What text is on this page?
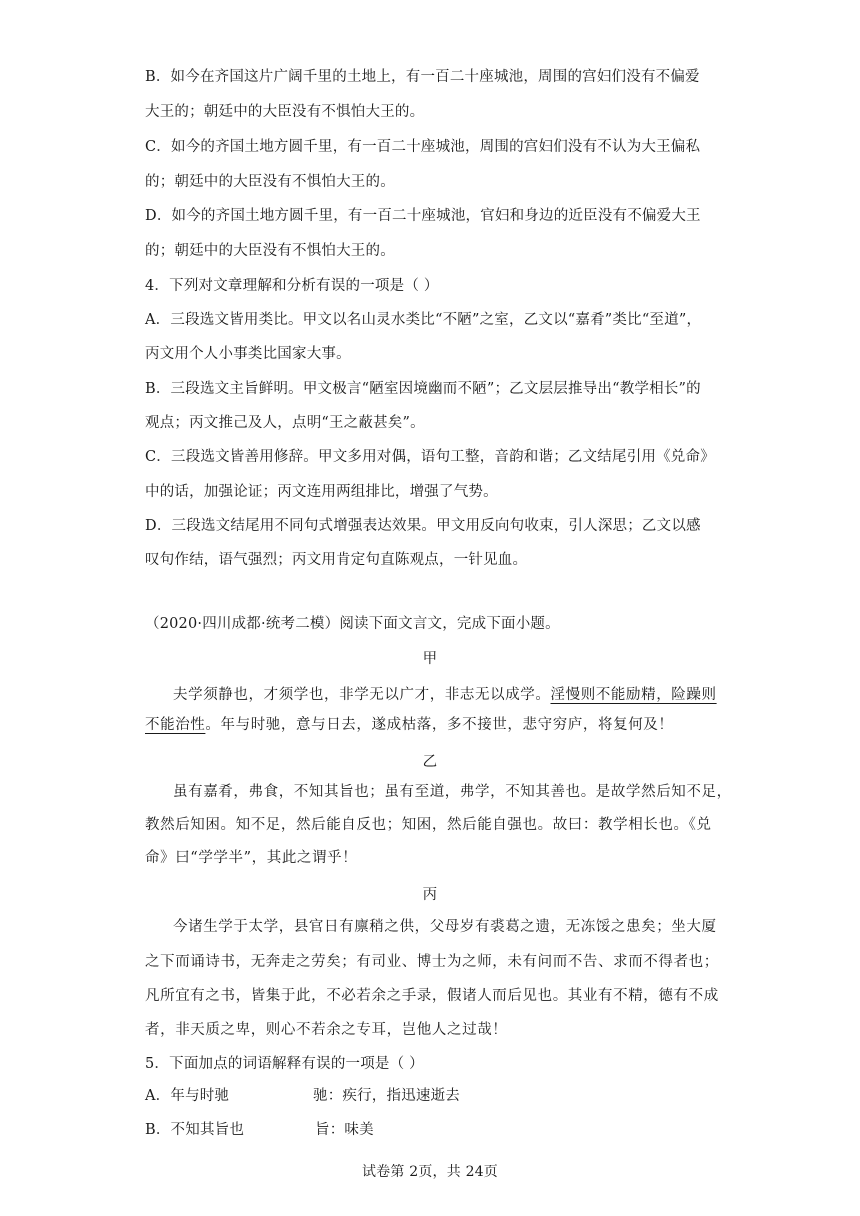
B．如今在齐国这片广阔千里的土地上，有一百二十座城池，周围的宫妇们没有不偏爱
大王的；朝廷中的大臣没有不惧怕大王的。
C．如今的齐国土地方圆千里，有一百二十座城池，周围的宫妇们没有不认为大王偏私
的；朝廷中的大臣没有不惧怕大王的。
D．如今的齐国土地方圆千里，有一百二十座城池，官妇和身边的近臣没有不偏爱大王
的；朝廷中的大臣没有不惧怕大王的。
4．下列对文章理解和分析有误的一项是（ ）
A．三段选文皆用类比。甲文以名山灵水类比“不陋”之室，乙文以“嘉肴”类比“至道”，
丙文用个人小事类比国家大事。
B．三段选文主旨鲜明。甲文极言“陋室因境幽而不陋”；乙文层层推导出“教学相长”的
观点；丙文推己及人，点明“王之蔽甚矣”。
C．三段选文皆善用修辞。甲文多用对偶，语句工整，音韵和谐；乙文结尾引用《兑命》
中的话，加强论证；丙文连用两组排比，增强了气势。
D．三段选文结尾用不同句式增强表达效果。甲文用反向句收束，引人深思；乙文以感
叹句作结，语气强烈；丙文用肯定句直陈观点，一针见血。
（2020·四川成都·统考二模）阅读下面文言文，完成下面小题。
甲
夫学须静也，才须学也，非学无以广才，非志无以成学。淫慢则不能励精，险躁则
不能治性。年与时驰，意与日去，遂成枯落，多不接世，悲守穷庐，将复何及！
乙
虽有嘉肴，弗食，不知其旨也；虽有至道，弗学，不知其善也。是故学然后知不足，
教然后知困。知不足，然后能自反也；知困，然后能自强也。故曰：教学相长也。《兑
命》曰“学学半”，其此之谓乎！
丙
今诸生学于太学，县官日有廪稍之供，父母岁有裘葛之遗，无冻馁之患矣；坐大厦
之下而诵诗书，无奔走之劳矣；有司业、博士为之师，未有问而不告、求而不得者也；
凡所宜有之书，皆集于此，不必若余之手录，假诸人而后见也。其业有不精，德有不成
者，非天质之卑，则心不若余之专耳，岂他人之过哉！
5．下面加点的词语解释有误的一项是（ ）
A．年与时驰	驰：疾行，指迅速逝去
B．不知其旨也	旨：味美
试卷第 2页，共 24页
